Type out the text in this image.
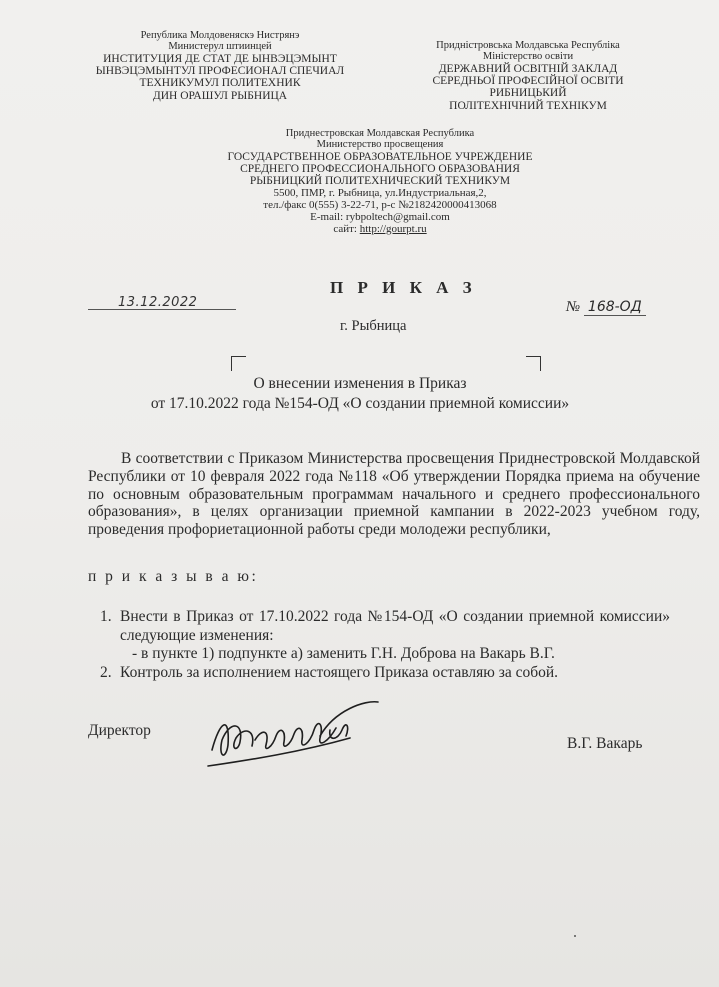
Република Молдовеняскэ Нистрянэ
Министерул штиинцей
ИНСТИТУЦИЯ ДЕ СТАТ ДЕ ЫНВЭЦЭМЫНТ
ЫНВЭЦЭМЫНТУЛ ПРОФЕСИОНАЛ СПЕЧИАЛ
ТЕХНИКУМУЛ ПОЛИТЕХНИК
ДИН ОРАШУЛ РЫБНИЦА
Придністровська Молдавська Республіка
Міністерство освіти
ДЕРЖАВНИЙ ОСВІТНІЙ ЗАКЛАД
СЕРЕДНЬОЇ ПРОФЕСІЙНОЇ ОСВІТИ
РИБНИЦЬКИЙ
ПОЛІТЕХНІЧНИЙ ТЕХНІКУМ
Приднестровская Молдавская Республика
Министерство просвещения
ГОСУДАРСТВЕННОЕ ОБРАЗОВАТЕЛЬНОЕ УЧРЕЖДЕНИЕ
СРЕДНЕГО ПРОФЕССИОНАЛЬНОГО ОБРАЗОВАНИЯ
РЫБНИЦКИЙ ПОЛИТЕХНИЧЕСКИЙ ТЕХНИКУМ
5500, ПМР, г. Рыбница, ул.Индустриальная,2,
тел./факс 0(555) 3-22-71, р-с №2182420000413068
E-mail: rybpoltech@gmail.com
сайт: http://gourpt.ru
П Р И К А З
13.12.2022	№ 168-ОД
г. Рыбница
О внесении изменения в Приказ
от 17.10.2022 года №154-ОД «О создании приемной комиссии»

В соответствии с Приказом Министерства просвещения Приднестровской Молдавской Республики от 10 февраля 2022 года №118 «Об утверждении Порядка приема на обучение по основным образовательным программам начального и среднего профессионального образования», в целях организации приемной кампании в 2022-2023 учебном году, проведения профориетационной работы среди молодежи республики,

п р и к а з ы в а ю:
1. Внести в Приказ от 17.10.2022 года №154-ОД «О создании приемной комиссии» следующие изменения:
- в пункте 1) подпункте а) заменить Г.Н. Доброва на Вакарь В.Г.
2. Контроль за исполнением настоящего Приказа оставляю за собой.
Директор
В.Г. Вакарь
